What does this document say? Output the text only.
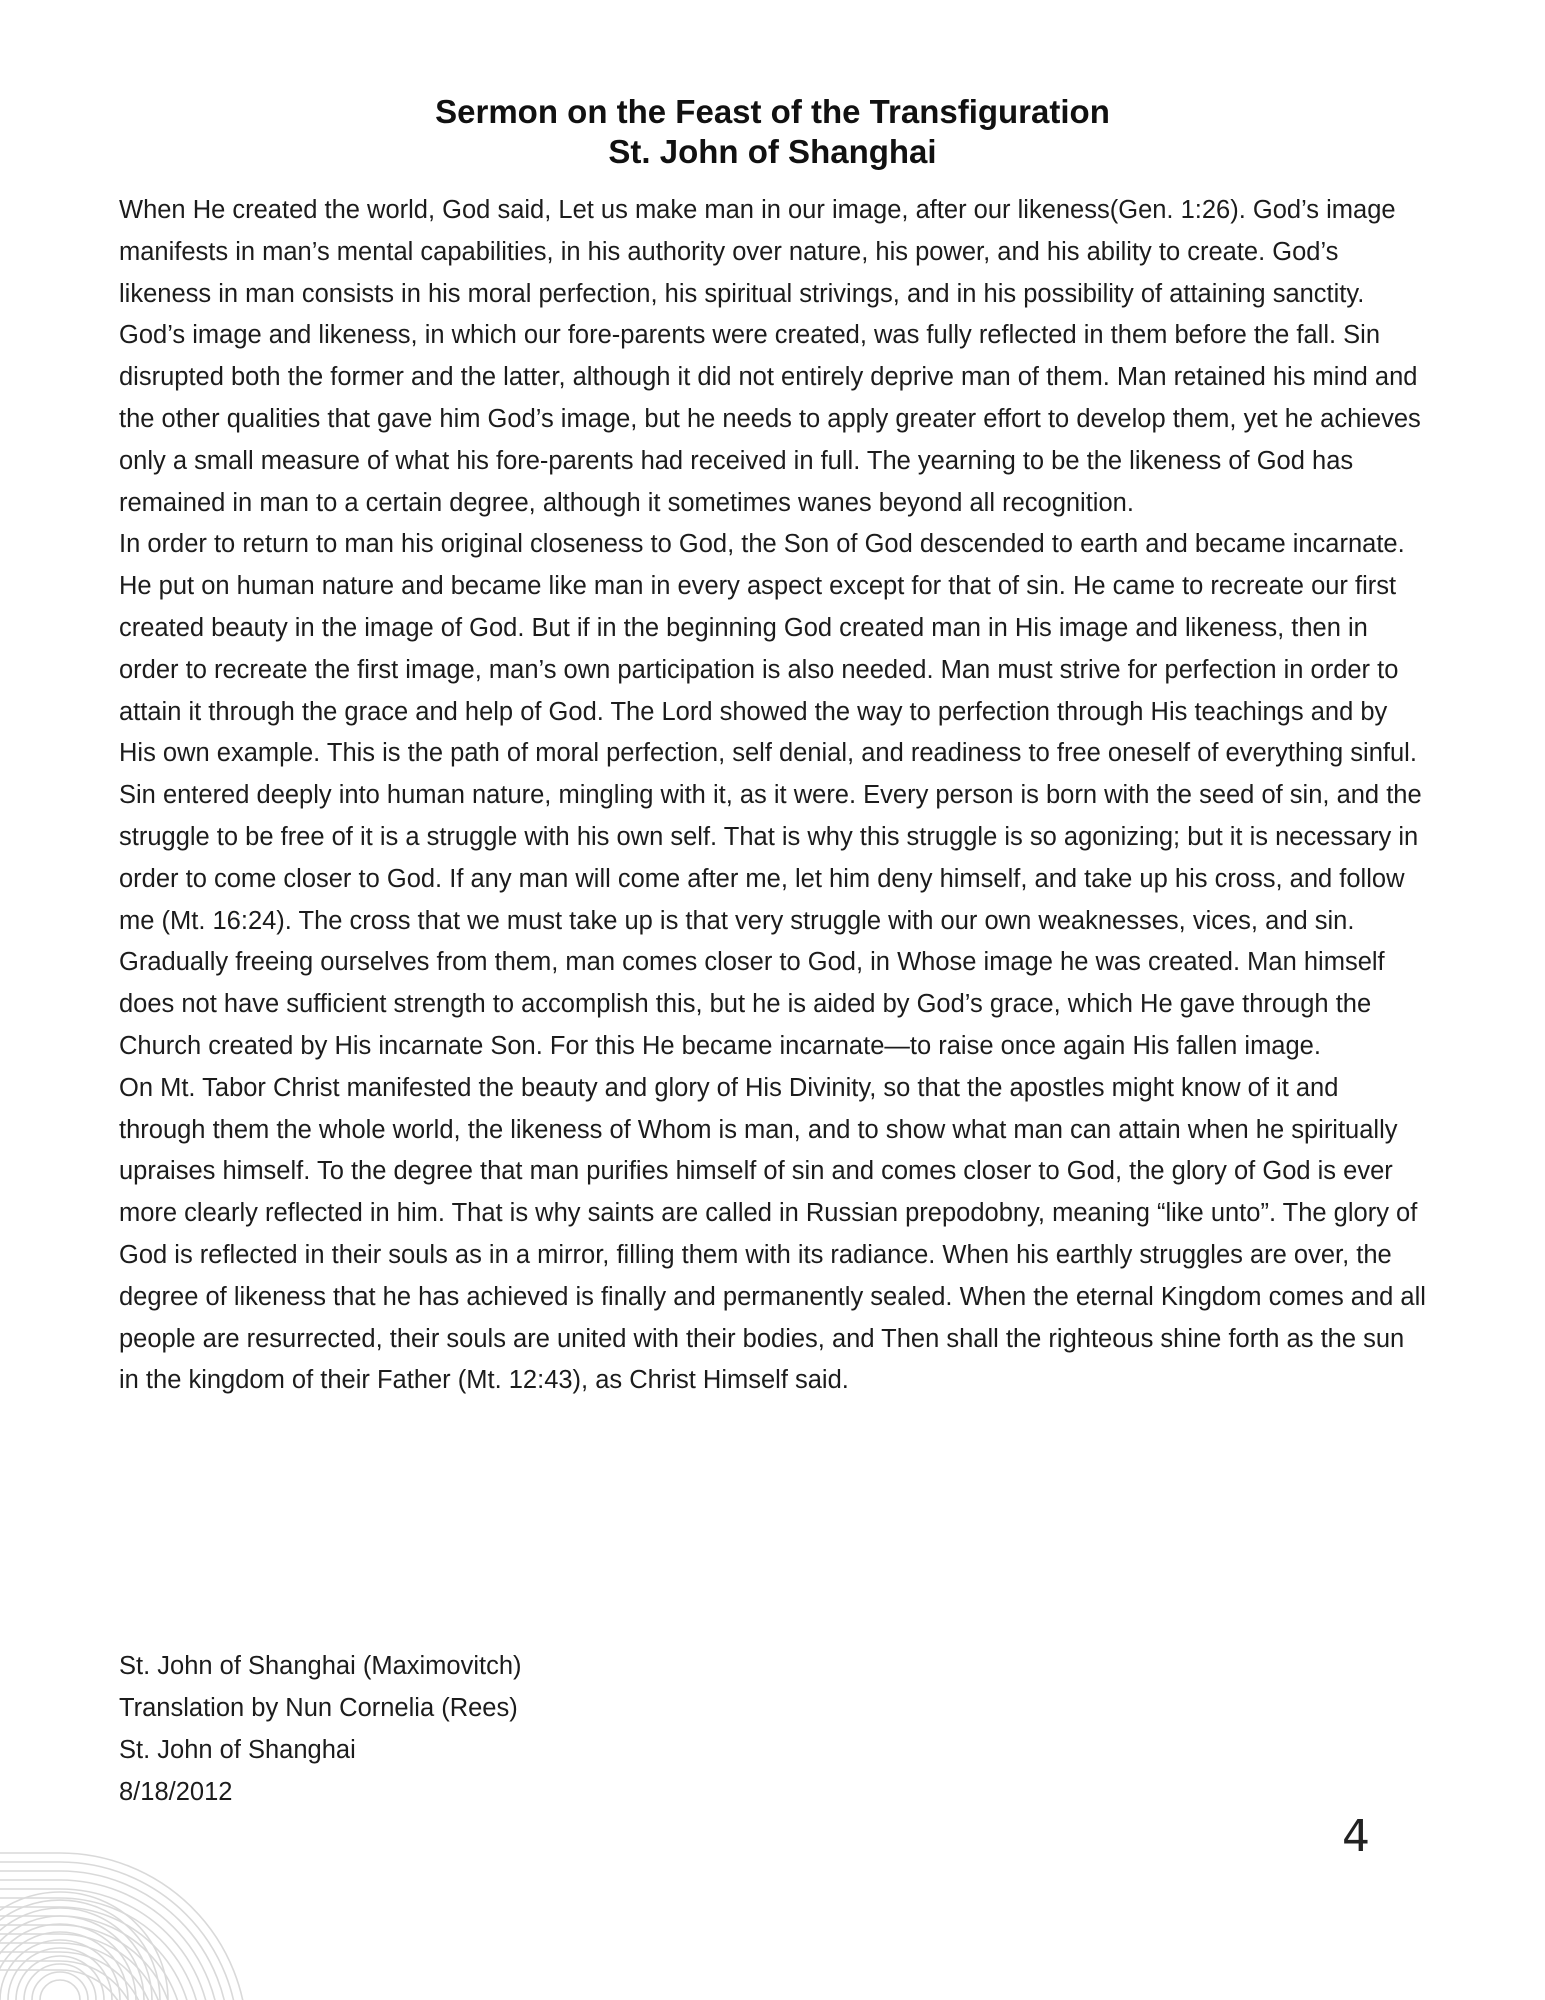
Sermon on the Feast of the Transfiguration

St. John of Shanghai

When He created the world, God said, Let us make man in our image, after our likeness(Gen. 1:26). God’s image manifests in man’s mental capabilities, in his authority over nature, his power, and his ability to create. God’s likeness in man consists in his moral perfection, his spiritual strivings, and in his possibility of attaining sanctity.

God’s image and likeness, in which our fore-parents were created, was fully reflected in them before the fall. Sin disrupted both the former and the latter, although it did not entirely deprive man of them. Man retained his mind and the other qualities that gave him God’s image, but he needs to apply greater effort to develop them, yet he achieves only a small measure of what his fore-parents had received in full. The yearning to be the likeness of God has remained in man to a certain degree, although it sometimes wanes beyond all recognition.

In order to return to man his original closeness to God, the Son of God descended to earth and became incarnate. He put on human nature and became like man in every aspect except for that of sin. He came to recreate our first created beauty in the image of God. But if in the beginning God created man in His image and likeness, then in order to recreate the first image, man’s own participation is also needed. Man must strive for perfection in order to attain it through the grace and help of God. The Lord showed the way to perfection through His teachings and by His own example. This is the path of moral perfection, self denial, and readiness to free oneself of everything sinful. Sin entered deeply into human nature, mingling with it, as it were. Every person is born with the seed of sin, and the struggle to be free of it is a struggle with his own self. That is why this struggle is so agonizing; but it is necessary in order to come closer to God. If any man will come after me, let him deny himself, and take up his cross, and follow me (Mt. 16:24). The cross that we must take up is that very struggle with our own weaknesses, vices, and sin. Gradually freeing ourselves from them, man comes closer to God, in Whose image he was created. Man himself does not have sufficient strength to accomplish this, but he is aided by God’s grace, which He gave through the Church created by His incarnate Son. For this He became incarnate—to raise once again His fallen image.

On Mt. Tabor Christ manifested the beauty and glory of His Divinity, so that the apostles might know of it and through them the whole world, the likeness of Whom is man, and to show what man can attain when he spiritually upraises himself. To the degree that man purifies himself of sin and comes closer to God, the glory of God is ever more clearly reflected in him. That is why saints are called in Russian prepodobny, meaning “like unto”. The glory of God is reflected in their souls as in a mirror, filling them with its radiance. When his earthly struggles are over, the degree of likeness that he has achieved is finally and permanently sealed. When the eternal Kingdom comes and all people are resurrected, their souls are united with their bodies, and Then shall the righteous shine forth as the sun in the kingdom of their Father (Mt. 12:43), as Christ Himself said.

St. John of Shanghai (Maximovitch)

Translation by Nun Cornelia (Rees)

St. John of Shanghai

8/18/2012

4
